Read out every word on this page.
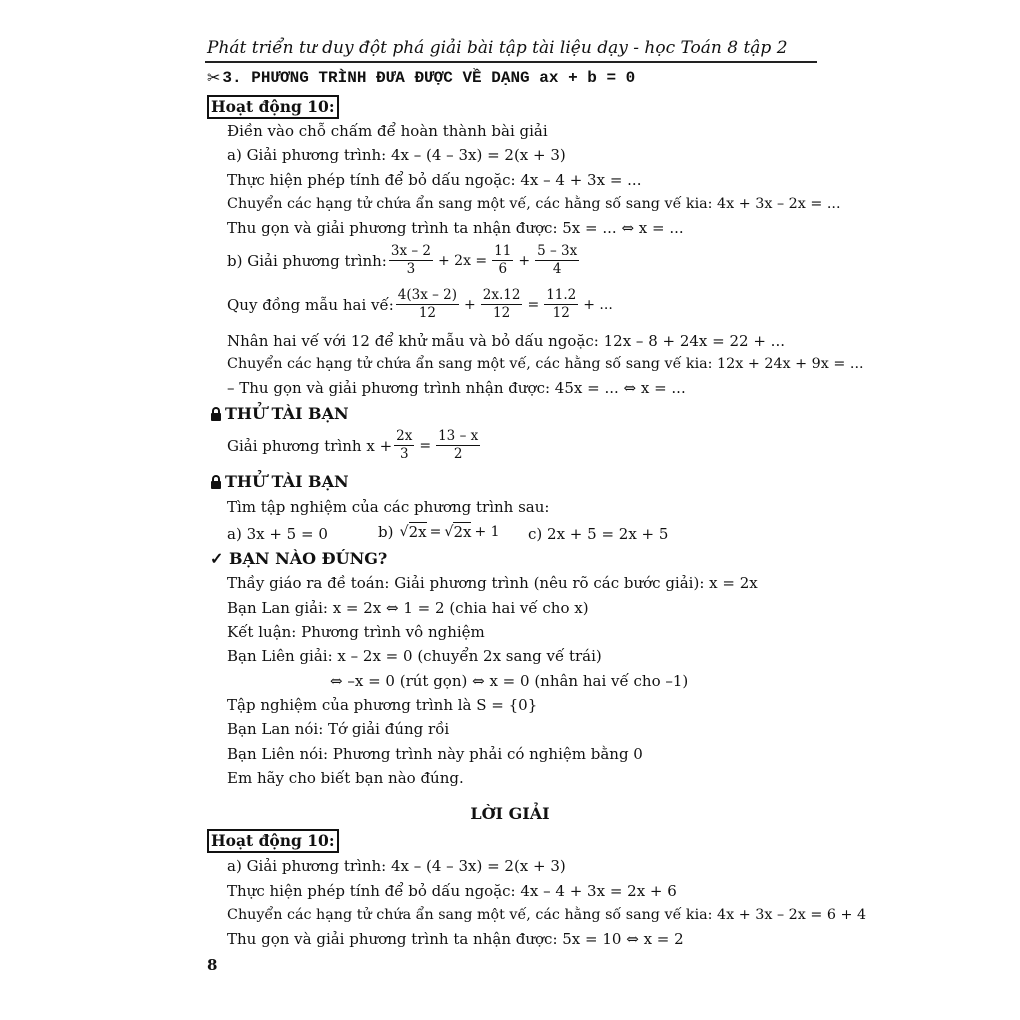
Phát triển tư duy đột phá giải bài tập tài liệu dạy - học Toán 8 tập 2
✂ 3. PHƯƠNG TRÌNH ĐƯA ĐƯỢC VỀ DẠNG ax + b = 0
Hoạt động 10:
Điền vào chỗ chấm để hoàn thành bài giải
a) Giải phương trình: 4x – (4 – 3x) = 2(x + 3)
Thực hiện phép tính để bỏ dấu ngoặc: 4x – 4 + 3x = ...
Chuyển các hạng tử chứa ẩn sang một vế, các hằng số sang vế kia: 4x + 3x – 2x = ...
Thu gọn và giải phương trình ta nhận được: 5x = ... ⇔ x = ...
b) Giải phương trình: $\frac{3x - 2}{3} + 2x = \frac{11}{6} + \frac{5 - 3x}{4}$
Quy đồng mẫu hai vế: $\frac{4(3x - 2)}{12} + \frac{2x.12}{12} = \frac{11.2}{12}$ + ...
Nhân hai vế với 12 để khử mẫu và bỏ dấu ngoặc: 12x – 8 + 24x = 22 + ...
Chuyển các hạng tử chứa ẩn sang một vế, các hằng số sang vế kia: 12x + 24x + 9x = ...
– Thu gọn và giải phương trình nhận được: 45x = ... ⇔ x = ...
THỬ TÀI BẠN
Giải phương trình $x + \frac{2x}{3} = \frac{13 - x}{2}$
THỬ TÀI BẠN
Tìm tập nghiệm của các phương trình sau:
a) 3x + 5 = 0	b) √ 2x = √ 2x + 1 c) 2x + 5 = 2x + 5
✓ BẠN NÀO ĐÚNG?
Thầy giáo ra đề toán: Giải phương trình (nêu rõ các bước giải): x = 2x
Bạn Lan giải: x = 2x ⇔ 1 = 2 (chia hai vế cho x)
Kết luận: Phương trình vô nghiệm
Bạn Liên giải: x – 2x = 0 (chuyển 2x sang vế trái)
⇔ –x = 0 (rút gọn) ⇔ x = 0 (nhân hai vế cho –1)
Tập nghiệm của phương trình là S = {0}
Bạn Lan nói: Tớ giải đúng rồi
Bạn Liên nói: Phương trình này phải có nghiệm bằng 0
Em hãy cho biết bạn nào đúng.
LỜI GIẢI
Hoạt động 10:
a) Giải phương trình: 4x – (4 – 3x) = 2(x + 3)
Thực hiện phép tính để bỏ dấu ngoặc: 4x – 4 + 3x = 2x + 6
Chuyển các hạng tử chứa ẩn sang một vế, các hằng số sang vế kia: 4x + 3x – 2x = 6 + 4
Thu gọn và giải phương trình ta nhận được: 5x = 10 ⇔ x = 2
8
